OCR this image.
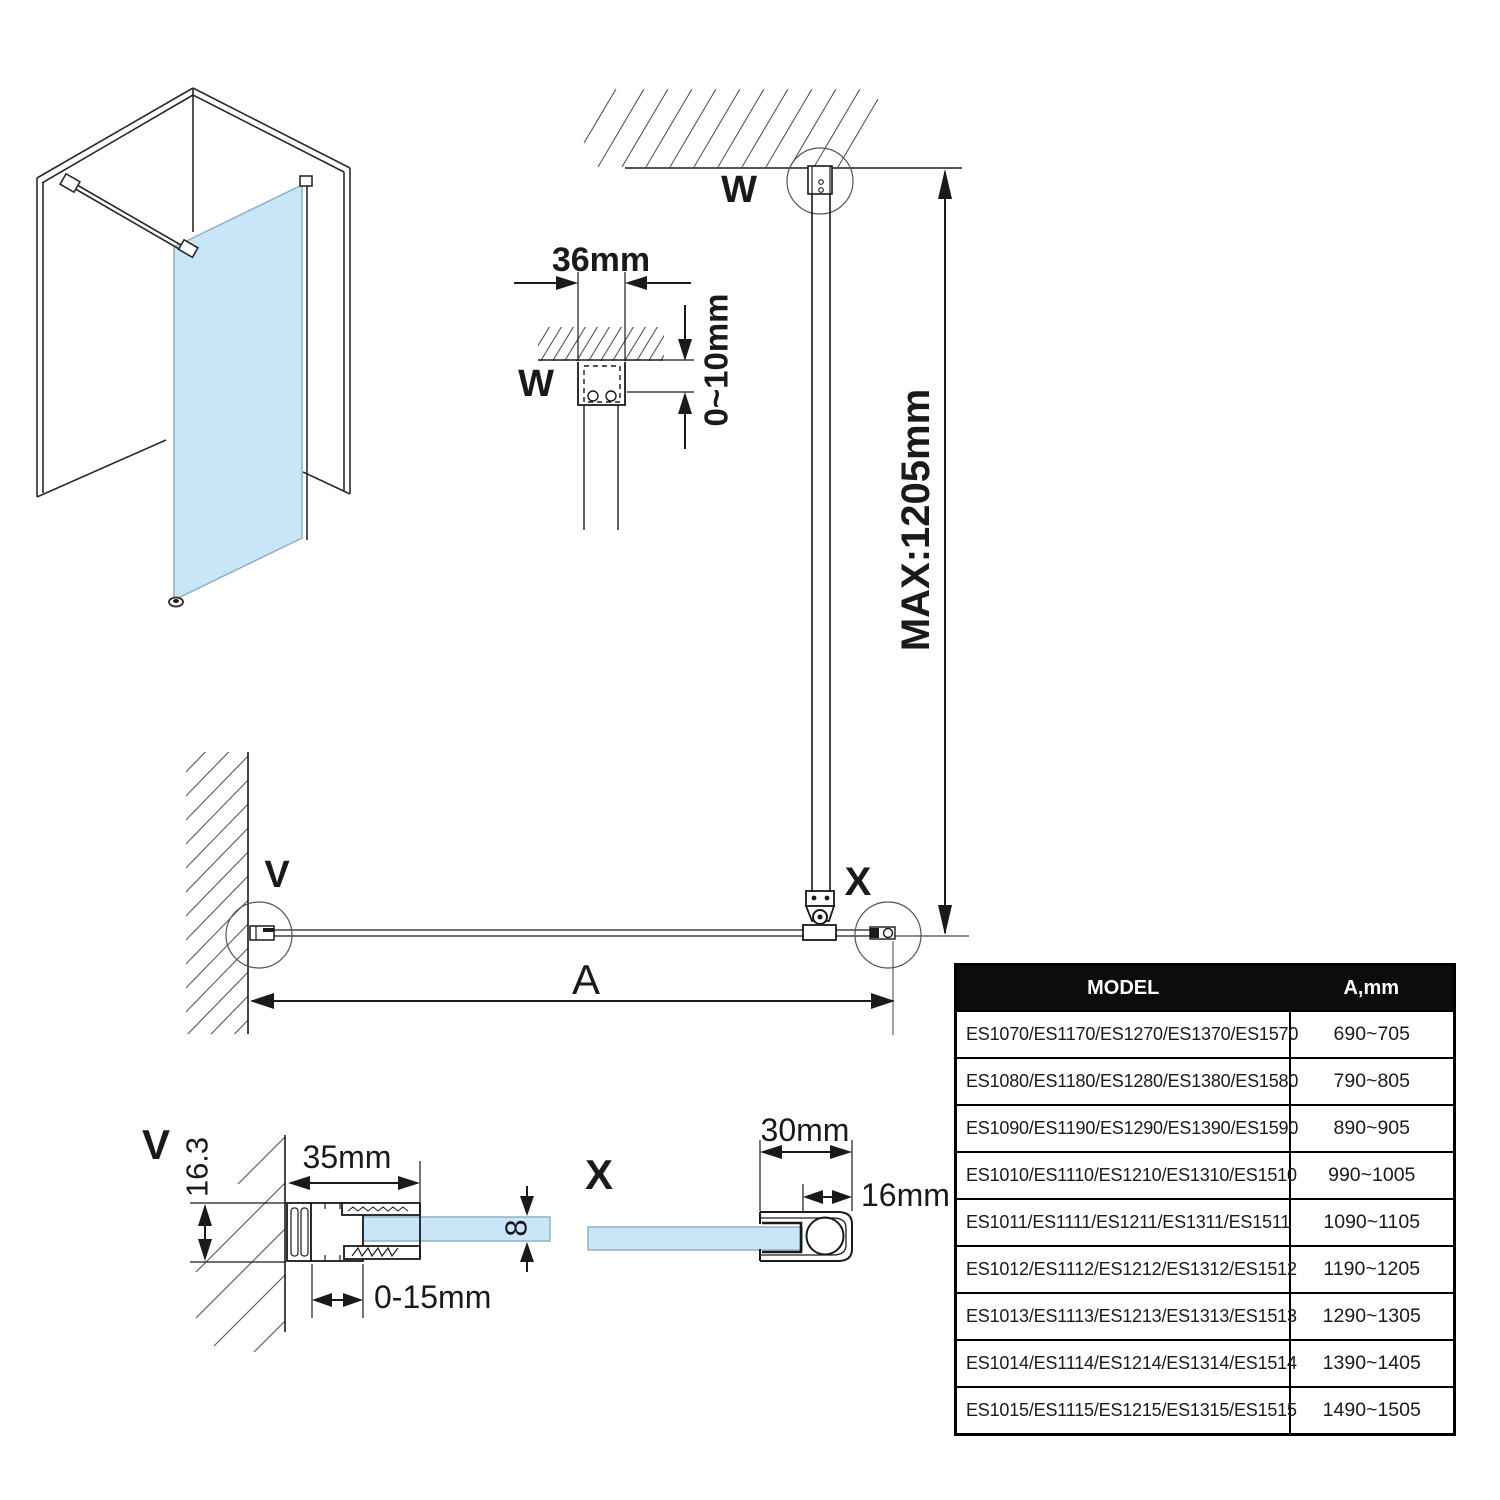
W
MAX:1205mm
36mm
W	0~10mm
V	X
A
V 16.3	35mm
8
0-15mm
X
30mm
16mm
MODEL	A,mm
ES1070/ES1170/ES1270/ES1370/ES1570	690~705
ES1080/ES1180/ES1280/ES1380/ES1580	790~805
ES1090/ES1190/ES1290/ES1390/ES1590	890~905
ES1010/ES1110/ES1210/ES1310/ES1510	990~1005
ES1011/ES1111/ES1211/ES1311/ES1511	1090~1105
ES1012/ES1112/ES1212/ES1312/ES1512	1190~1205
ES1013/ES1113/ES1213/ES1313/ES1513	1290~1305
ES1014/ES1114/ES1214/ES1314/ES1514	1390~1405
ES1015/ES1115/ES1215/ES1315/ES1515	1490~1505
